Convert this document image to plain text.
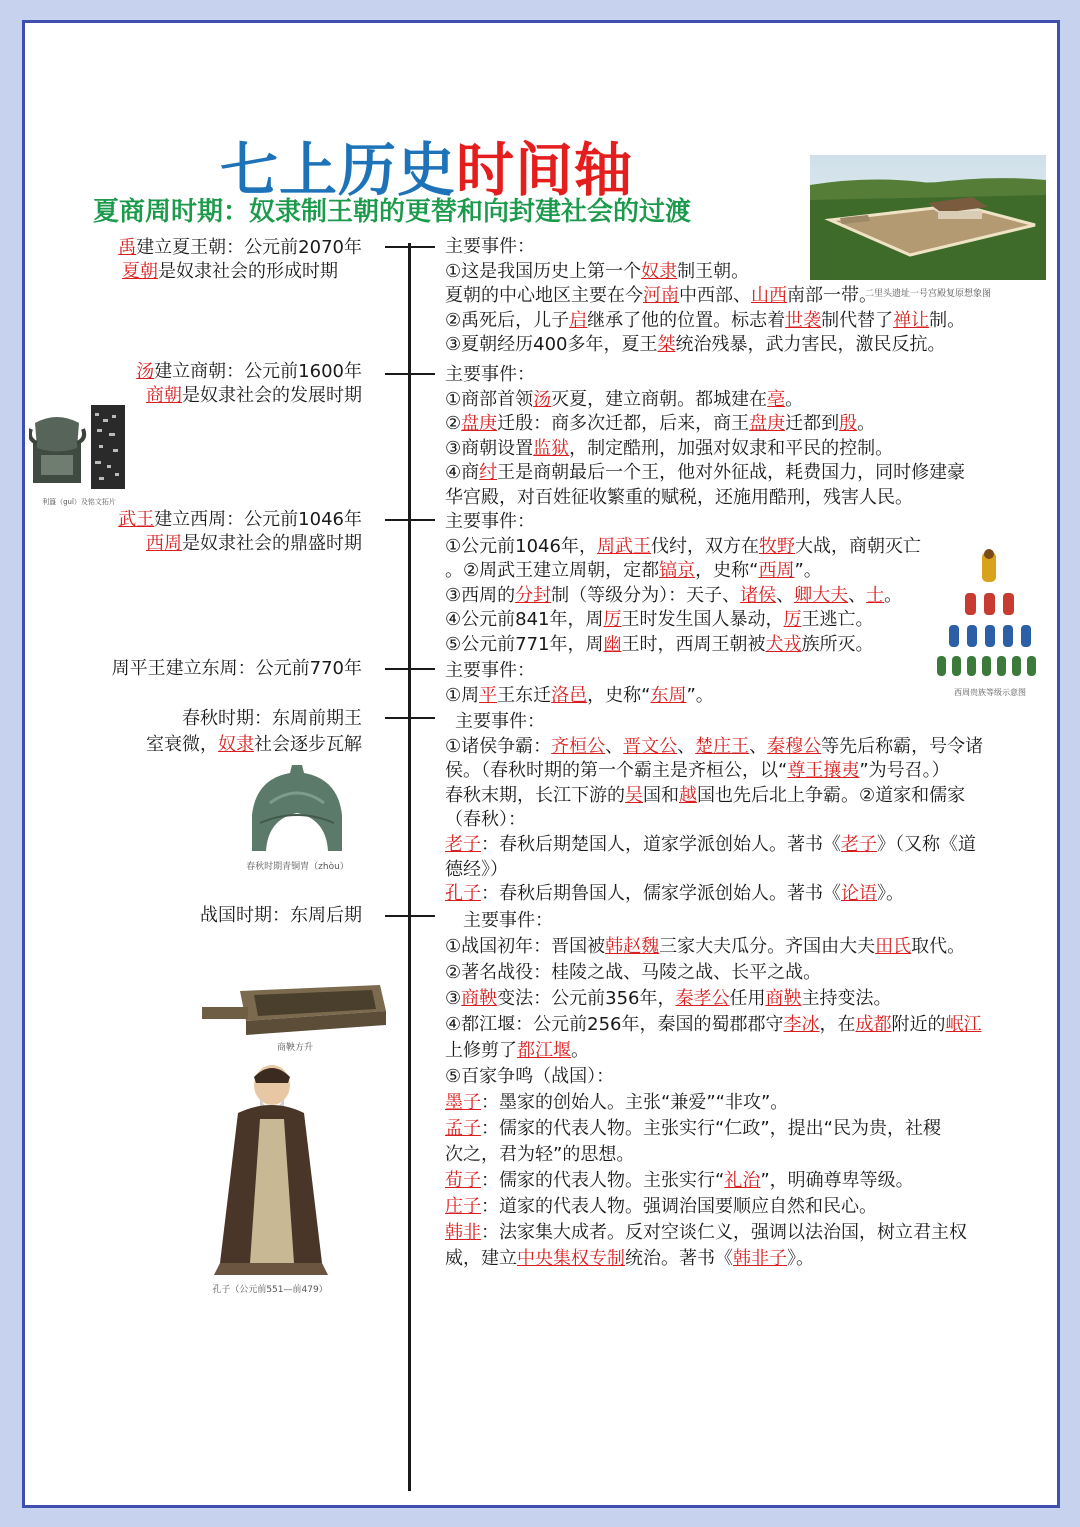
七上历史时间轴
夏商周时期：奴隶制王朝的更替和向封建社会的过渡
二里头遗址一号宫殿复原想象图
禹建立夏王朝：公元前2070年
夏朝是奴隶社会的形成时期
汤建立商朝：公元前1600年
商朝是奴隶社会的发展时期
武王建立西周：公元前1046年
西周是奴隶社会的鼎盛时期
周平王建立东周：公元前770年
春秋时期：东周前期王
室衰微，奴隶社会逐步瓦解
战国时期：东周后期
利簋（guǐ）及铭文拓片
春秋时期青铜胄（zhòu）
西周贵族等级示意图
商鞅方升
孔子（公元前551—前479）

主要事件：

①这是我国历史上第一个奴隶制王朝。

夏朝的中心地区主要在今河南中西部、山西南部一带。

②禹死后，儿子启继承了他的位置。标志着世袭制代替了禅让制。

③夏朝经历400多年，夏王桀统治残暴，武力害民，激民反抗。

主要事件：

①商部首领汤灭夏，建立商朝。都城建在亳。

②盘庚迁殷：商多次迁都，后来，商王盘庚迁都到殷。

③商朝设置监狱，制定酷刑，加强对奴隶和平民的控制。

④商纣王是商朝最后一个王，他对外征战，耗费国力，同时修建豪

华宫殿，对百姓征收繁重的赋税，还施用酷刑，残害人民。

主要事件：

①公元前1046年，周武王伐纣，双方在牧野大战，商朝灭亡

。②周武王建立周朝，定都镐京，史称“西周”。

③西周的分封制（等级分为）：天子、诸侯、卿大夫、士。

④公元前841年，周厉王时发生国人暴动，厉王逃亡。

⑤公元前771年，周幽王时，西周王朝被犬戎族所灭。

主要事件：

①周平王东迁洛邑，史称“东周”。

主要事件：

①诸侯争霸：齐桓公、晋文公、楚庄王、秦穆公等先后称霸，号令诸

侯。（春秋时期的第一个霸主是齐桓公，以“尊王攘夷”为号召。）

春秋末期，长江下游的吴国和越国也先后北上争霸。②道家和儒家

（春秋）：

老子：春秋后期楚国人，道家学派创始人。著书《老子》（又称《道

德经》）

孔子：春秋后期鲁国人，儒家学派创始人。著书《论语》。

主要事件：

①战国初年：晋国被韩赵魏三家大夫瓜分。齐国由大夫田氏取代。

②著名战役：桂陵之战、马陵之战、长平之战。

③商鞅变法：公元前356年，秦孝公任用商鞅主持变法。

④都江堰：公元前256年，秦国的蜀郡郡守李冰，在成都附近的岷江

上修剪了都江堰。

⑤百家争鸣（战国）：

墨子：墨家的创始人。主张“兼爱”“非攻”。

孟子：儒家的代表人物。主张实行“仁政”，提出“民为贵，社稷

次之，君为轻”的思想。

荀子：儒家的代表人物。主张实行“礼治”，明确尊卑等级。

庄子：道家的代表人物。强调治国要顺应自然和民心。

韩非：法家集大成者。反对空谈仁义，强调以法治国，树立君主权

威，建立中央集权专制统治。著书《韩非子》。
